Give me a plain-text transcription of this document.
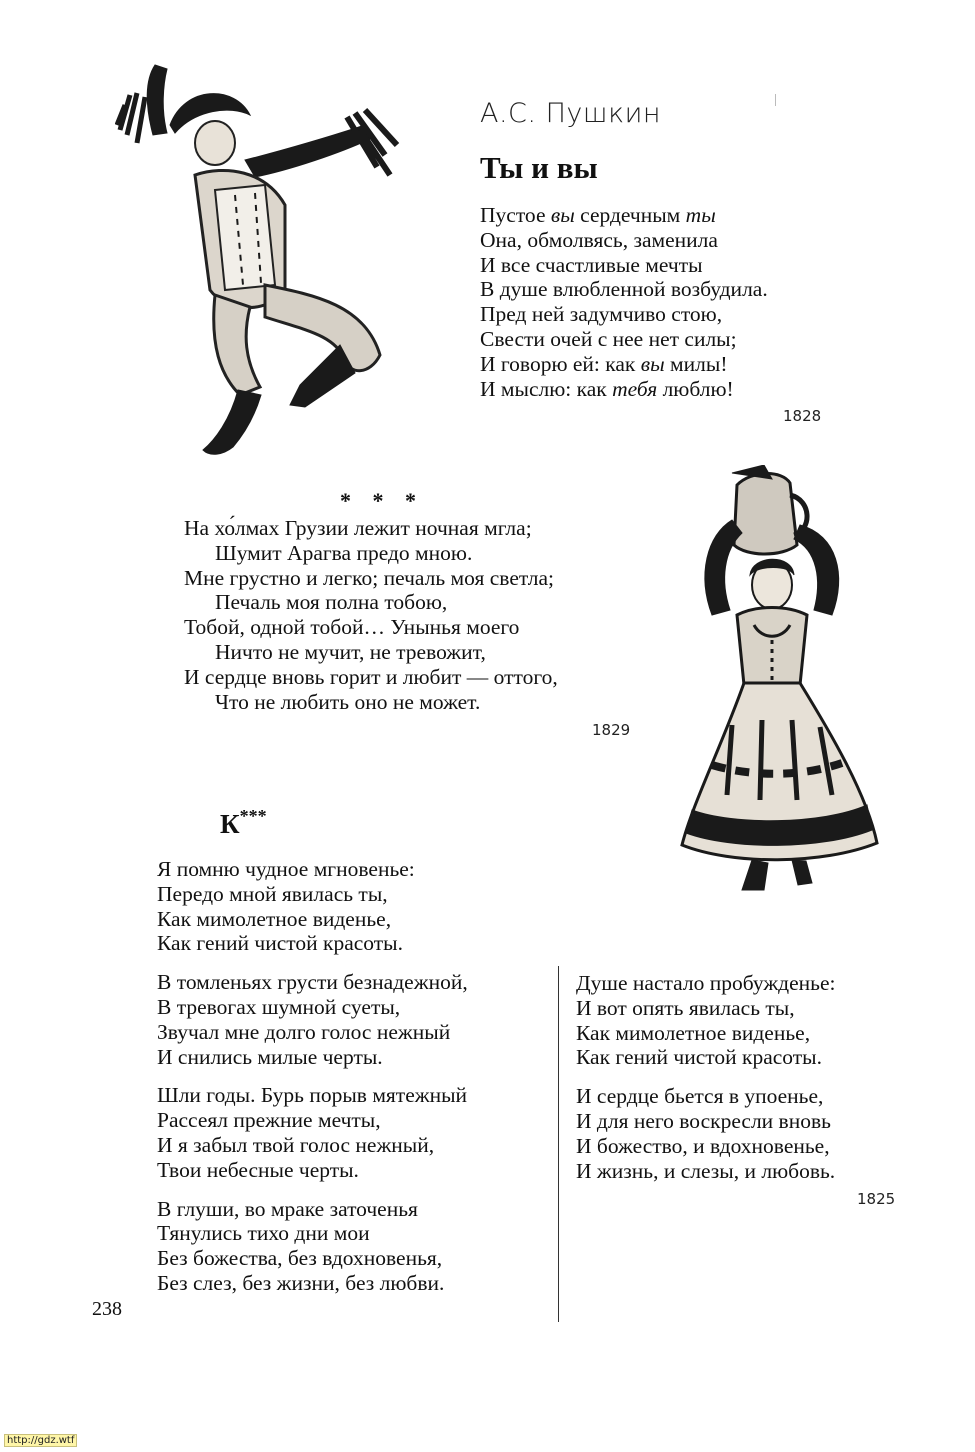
А.С. Пушкин
Ты и вы
Пустое вы сердечным ты
Она, обмолвясь, заменила
И все счастливые мечты
В душе влюбленной возбудила.
Пред ней задумчиво стою,
Свести очей с нее нет силы;
И говорю ей: как вы милы!
И мыслю: как тебя люблю!
1828
* * *
На хо́лмах Грузии лежит ночная мгла;
Шумит Арагва предо мною.
Мне грустно и легко; печаль моя светла;
Печаль моя полна тобою,
Тобой, одной тобой… Унынья моего
Ничто не мучит, не тревожит,
И сердце вновь горит и любит — оттого,
Что не любить оно не может.
1829
К***
Я помню чудное мгновенье:
Передо мной явилась ты,
Как мимолетное виденье,
Как гений чистой красоты.
В томленьях грусти безнадежной,
В тревогах шумной суеты,
Звучал мне долго голос нежный
И снились милые черты.
Шли годы. Бурь порыв мятежный
Рассеял прежние мечты,
И я забыл твой голос нежный,
Твои небесные черты.
В глуши, во мраке заточенья
Тянулись тихо дни мои
Без божества, без вдохновенья,
Без слез, без жизни, без любви.
Душе настало пробужденье:
И вот опять явилась ты,
Как мимолетное виденье,
Как гений чистой красоты.
И сердце бьется в упоенье,
И для него воскресли вновь
И божество, и вдохновенье,
И жизнь, и слезы, и любовь.
1825
238
http://gdz.wtf
